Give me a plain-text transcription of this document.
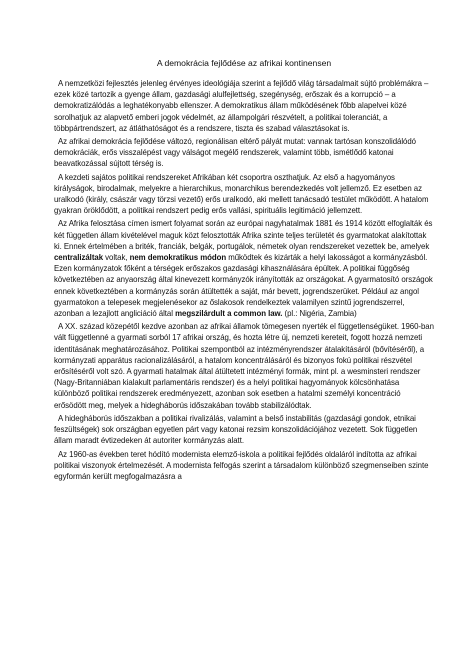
A demokrácia fejlődése az afrikai kontinensen

A nemzetközi fejlesztés jelenleg érvényes ideológiája szerint a fejlődő világ társadalmait sújtó problémákra – ezek közé tartozik a gyenge állam, gazdasági alulfejlettség, szegénység, erőszak és a korrupció – a demokratizálódás a leghatékonyabb ellenszer. A demokratikus állam működésének főbb alapelvei közé sorolhatjuk az alapvető emberi jogok védelmét, az állampolgári részvételt, a politikai toleranciát, a többpártrendszert, az átláthatóságot és a rendszere, tiszta és szabad választásokat is.

Az afrikai demokrácia fejlődése változó, regionálisan eltérő pályát mutat: vannak tartósan konszolidálódó demokráciák, erős visszalépést vagy válságot megélő rendszerek, valamint több, ismétlődő katonai beavatkozással sújtott térség is.

A kezdeti sajátos politikai rendszereket Afrikában két csoportra oszthatjuk. Az első a hagyományos királyságok, birodalmak, melyekre a hierarchikus, monarchikus berendezkedés volt jellemző. Ez esetben az uralkodó (király, császár vagy törzsi vezető) erős uralkodó, aki mellett tanácsadó testület működött. A hatalom gyakran öröklődött, a politikai rendszert pedig erős vallási, spirituális legitimáció jellemzett.

Az Afrika felosztása címen ismert folyamat során az európai nagyhatalmak 1881 és 1914 között elfoglalták és két független állam kivételével maguk közt felosztották Afrika szinte teljes területét és gyarmatokat alakítottak ki. Ennek értelmében a briték, franciák, belgák, portugálok, németek olyan rendszereket vezettek be, amelyek centralizáltak voltak, nem demokratikus módon működtek és kizárták a helyi lakosságot a kormányzásból. Ezen kormányzatok főként a térségek erőszakos gazdasági kihasználására épültek. A politikai függőség következtében az anyaország által kinevezett kormányzók irányították az országokat. A gyarmatosító országok ennek következtében a kormányzás során átültették a saját, már bevett, jogrendszerüket. Például az angol gyarmatokon a telepesek megjelenésekor az őslakosok rendelkeztek valamilyen szintű jogrendszerrel, azonban a lezajlott angliciáció által megszilárdult a common law. (pl.: Nigéria, Zambia)

A XX. század közepétől kezdve azonban az afrikai államok tömegesen nyerték el függetlenségüket. 1960-ban vált függetlenné a gyarmati sorból 17 afrikai ország, és hozta létre új, nemzeti kereteit, fogott hozzá nemzeti identitásának meghatározásához. Politikai szempontból az intézményrendszer átalakításáról (bővítéséről), a kormányzati apparátus racionalizálásáról, a hatalom koncentrálásáról és bizonyos fokú politikai részvétel erősítéséről volt szó. A gyarmati hatalmak által átültetett intézményi formák, mint pl. a wesminsteri rendszer (Nagy-Britanniában kialakult parlamentáris rendszer) és a helyi politikai hagyományok kölcsönhatása különböző politikai rendszerek eredményezett, azonban sok esetben a hatalmi személyi koncentráció erősödött meg, melyek a hidegháborús időszakában tovább stabilizálódtak.

A hidegháborús időszakban a politikai rivalizálás, valamint a belső instabilitás (gazdasági gondok, etnikai feszültségek) sok országban egyetlen párt vagy katonai rezsim konszolidációjához vezetett. Sok független állam maradt évtizedeken át autoriter kormányzás alatt.

Az 1960-as években teret hódító modernista elemző-iskola a politikai fejlődés oldaláról indította az afrikai politikai viszonyok értelmezését. A modernista felfogás szerint a társadalom különböző szegmenseiben szinte egyformán került megfogalmazásra a
